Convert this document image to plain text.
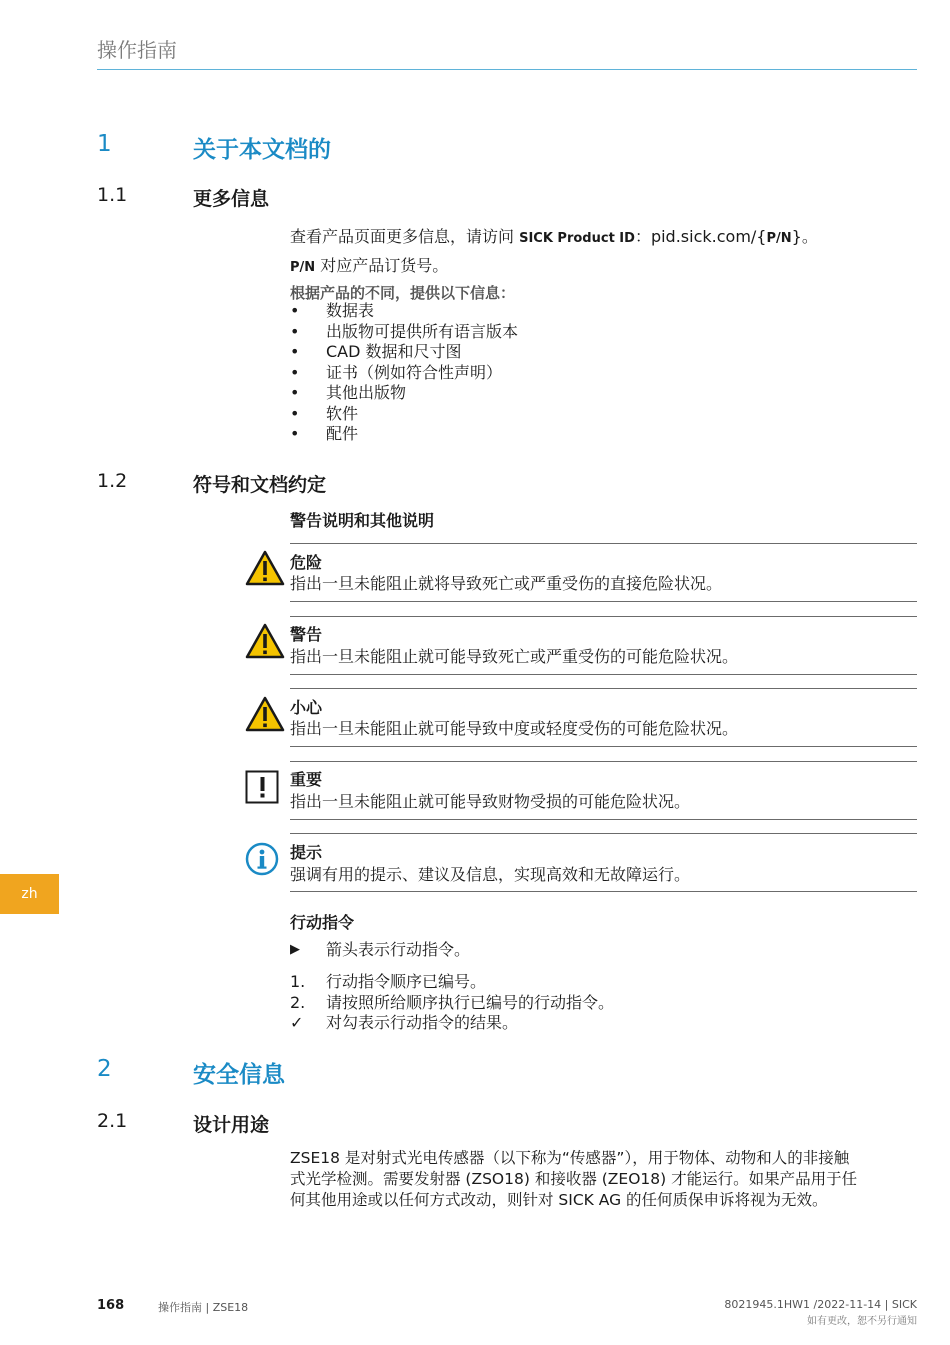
操作指南
1	关于本文档的
1.1	更多信息
查看产品页面更多信息，请访问 SICK Product ID：pid.sick.com/{P/N}。
P/N 对应产品订货号。
根据产品的不同，提供以下信息：
•	数据表
•	出版物可提供所有语言版本
•	CAD 数据和尺寸图
•	证书（例如符合性声明）
•	其他出版物
•	软件
•	配件
1.2	符号和文档约定
警告说明和其他说明
危险
指出一旦未能阻止就将导致死亡或严重受伤的直接危险状况。
警告
指出一旦未能阻止就可能导致死亡或严重受伤的可能危险状况。
小心
指出一旦未能阻止就可能导致中度或轻度受伤的可能危险状况。
重要
指出一旦未能阻止就可能导致财物受损的可能危险状况。
提示
强调有用的提示、建议及信息，实现高效和无故障运行。
行动指令
▶	箭头表示行动指令。
1.	行动指令顺序已编号。
2.	请按照所给顺序执行已编号的行动指令。
✓	对勾表示行动指令的结果。
2	安全信息
2.1	设计用途
ZSE18 是对射式光电传感器（以下称为“传感器”），用于物体、动物和人的非接触
式光学检测。需要发射器 (ZSO18) 和接收器 (ZEO18) 才能运行。如果产品用于任
何其他用途或以任何方式改动，则针对 SICK AG 的任何质保申诉将视为无效。
zh
168	操作指南 | ZSE18	8021945.1HW1 /2022-11-14 | SICK
如有更改，恕不另行通知
